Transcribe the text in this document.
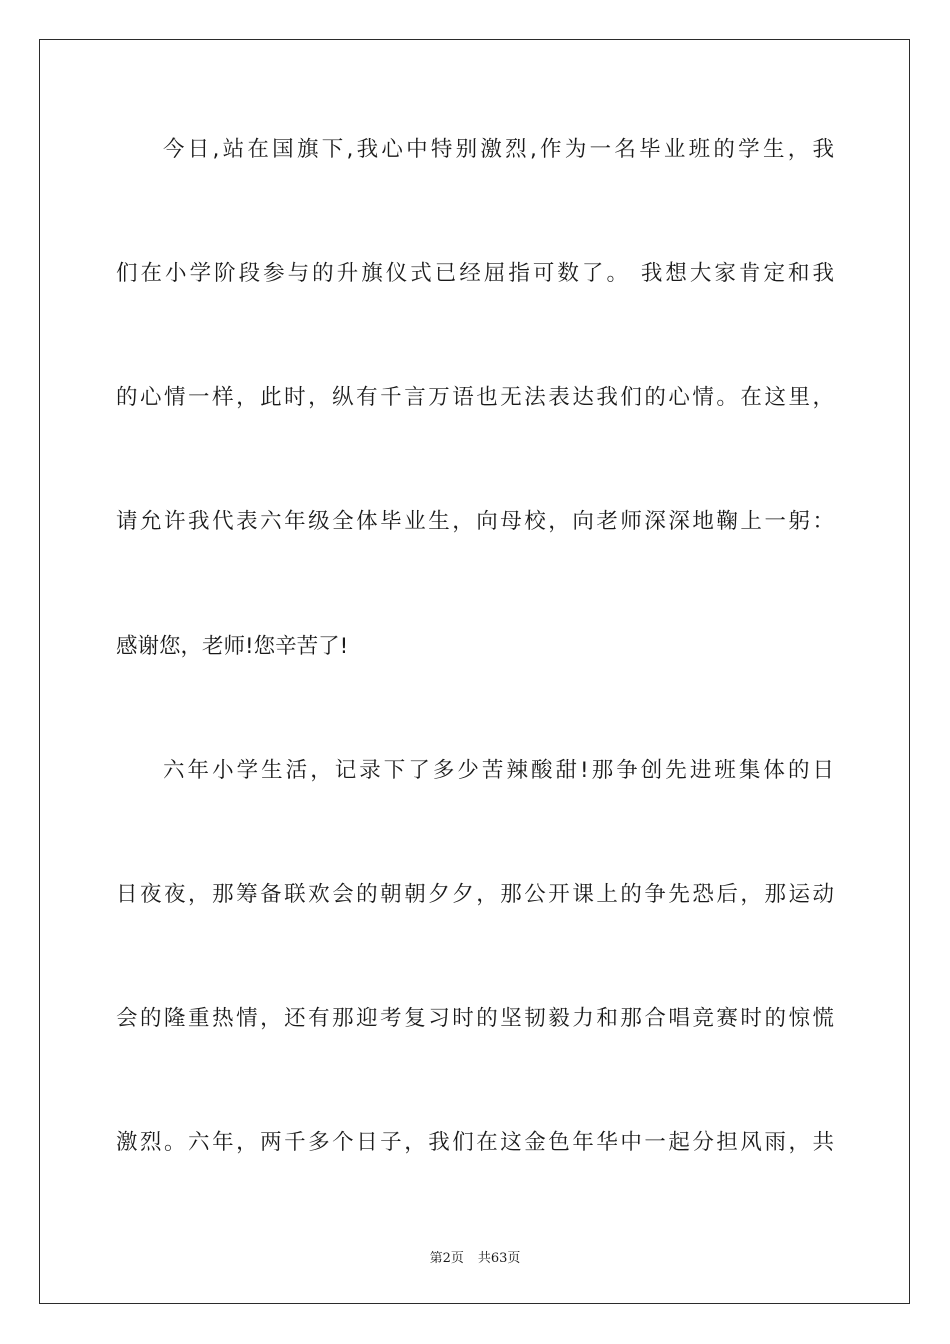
今日,站在国旗下,我心中特别激烈,作为一名毕业班的学生，我
们在小学阶段参与的升旗仪式已经屈指可数了。 我想大家肯定和我
的心情一样，此时，纵有千言万语也无法表达我们的心情。在这里，
请允许我代表六年级全体毕业生，向母校，向老师深深地鞠上一躬：
感谢您，老师!您辛苦了!
六年小学生活，记录下了多少苦辣酸甜!那争创先进班集体的日
日夜夜，那筹备联欢会的朝朝夕夕，那公开课上的争先恐后，那运动
会的隆重热情，还有那迎考复习时的坚韧毅力和那合唱竞赛时的惊慌
激烈。六年，两千多个日子，我们在这金色年华中一起分担风雨，共
第2页 共63页
